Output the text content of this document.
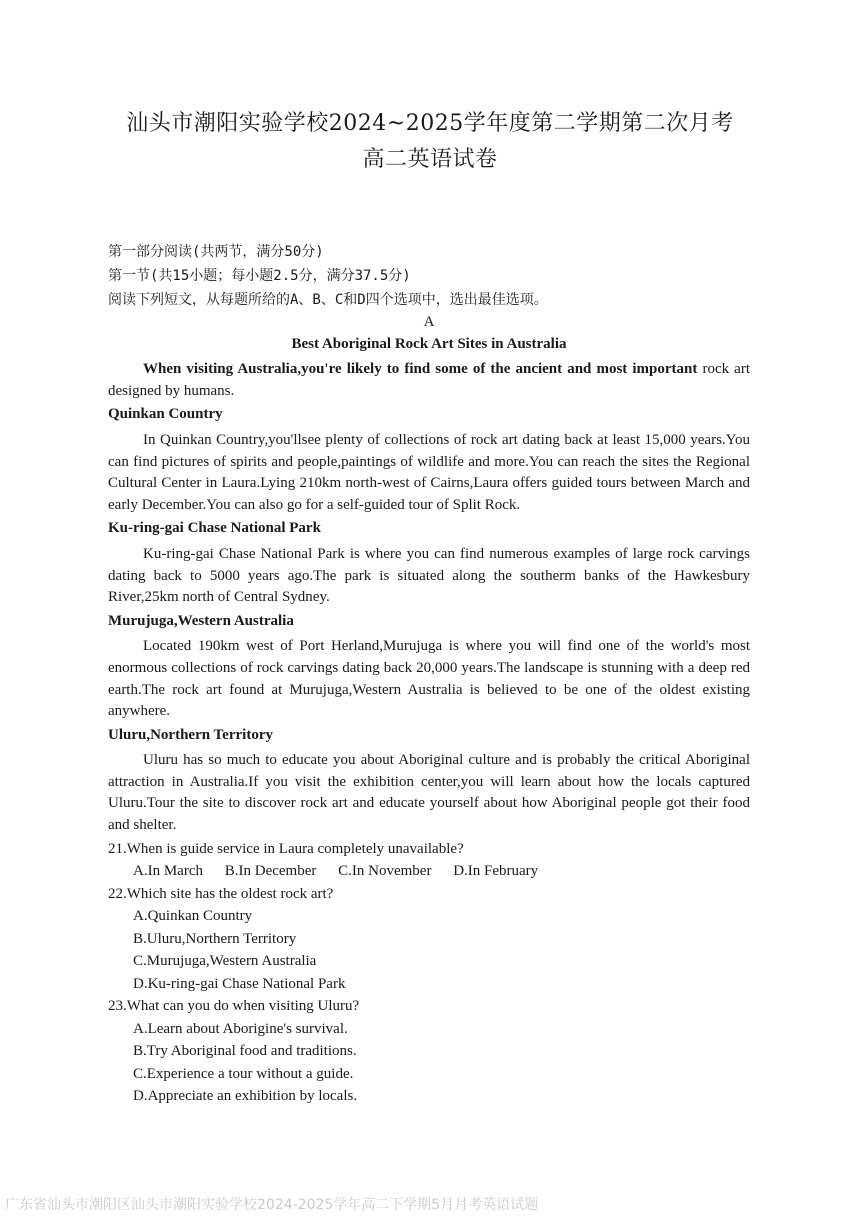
汕头市潮阳实验学校2024~2025学年度第二学期第二次月考
高二英语试卷
第一部分阅读(共两节，满分50分)
第一节(共15小题；每小题2.5分，满分37.5分)
阅读下列短文，从每题所给的A、B、C和D四个选项中，选出最佳选项。
A
Best Aboriginal Rock Art Sites in Australia
When visiting Australia,you're likely to find some of the ancient and most important rock art designed by humans.
Quinkan Country
In Quinkan Country,you'llsee plenty of collections of rock art dating back at least 15,000 years.You can find pictures of spirits and people,paintings of wildlife and more.You can reach the sites the Regional Cultural Center in Laura.Lying 210km north-west of Cairns,Laura offers guided tours between March and early December.You can also go for a self-guided tour of Split Rock.
Ku-ring-gai Chase National Park
Ku-ring-gai Chase National Park is where you can find numerous examples of large rock carvings dating back to 5000 years ago.The park is situated along the southerm banks of the Hawkesbury River,25km north of Central Sydney.
Murujuga,Western Australia
Located 190km west of Port Herland,Murujuga is where you will find one of the world's most enormous collections of rock carvings dating back 20,000 years.The landscape is stunning with a deep red earth.The rock art found at Murujuga,Western Australia is believed to be one of the oldest existing anywhere.
Uluru,Northern Territory
Uluru has so much to educate you about Aboriginal culture and is probably the critical Aboriginal attraction in Australia.If you visit the exhibition center,you will learn about how the locals captured Uluru.Tour the site to discover rock art and educate yourself about how Aboriginal people got their food and shelter.
21.When is guide service in Laura completely unavailable?
A.In March B.In December C.In November D.In February
22.Which site has the oldest rock art?
A.Quinkan Country
B.Uluru,Northern Territory
C.Murujuga,Western Australia
D.Ku-ring-gai Chase National Park
23.What can you do when visiting Uluru?
A.Learn about Aborigine's survival.
B.Try Aboriginal food and traditions.
C.Experience a tour without a guide.
D.Appreciate an exhibition by locals.
广东省汕头市潮阳区汕头市潮阳实验学校2024-2025学年高二下学期5月月考英语试题
